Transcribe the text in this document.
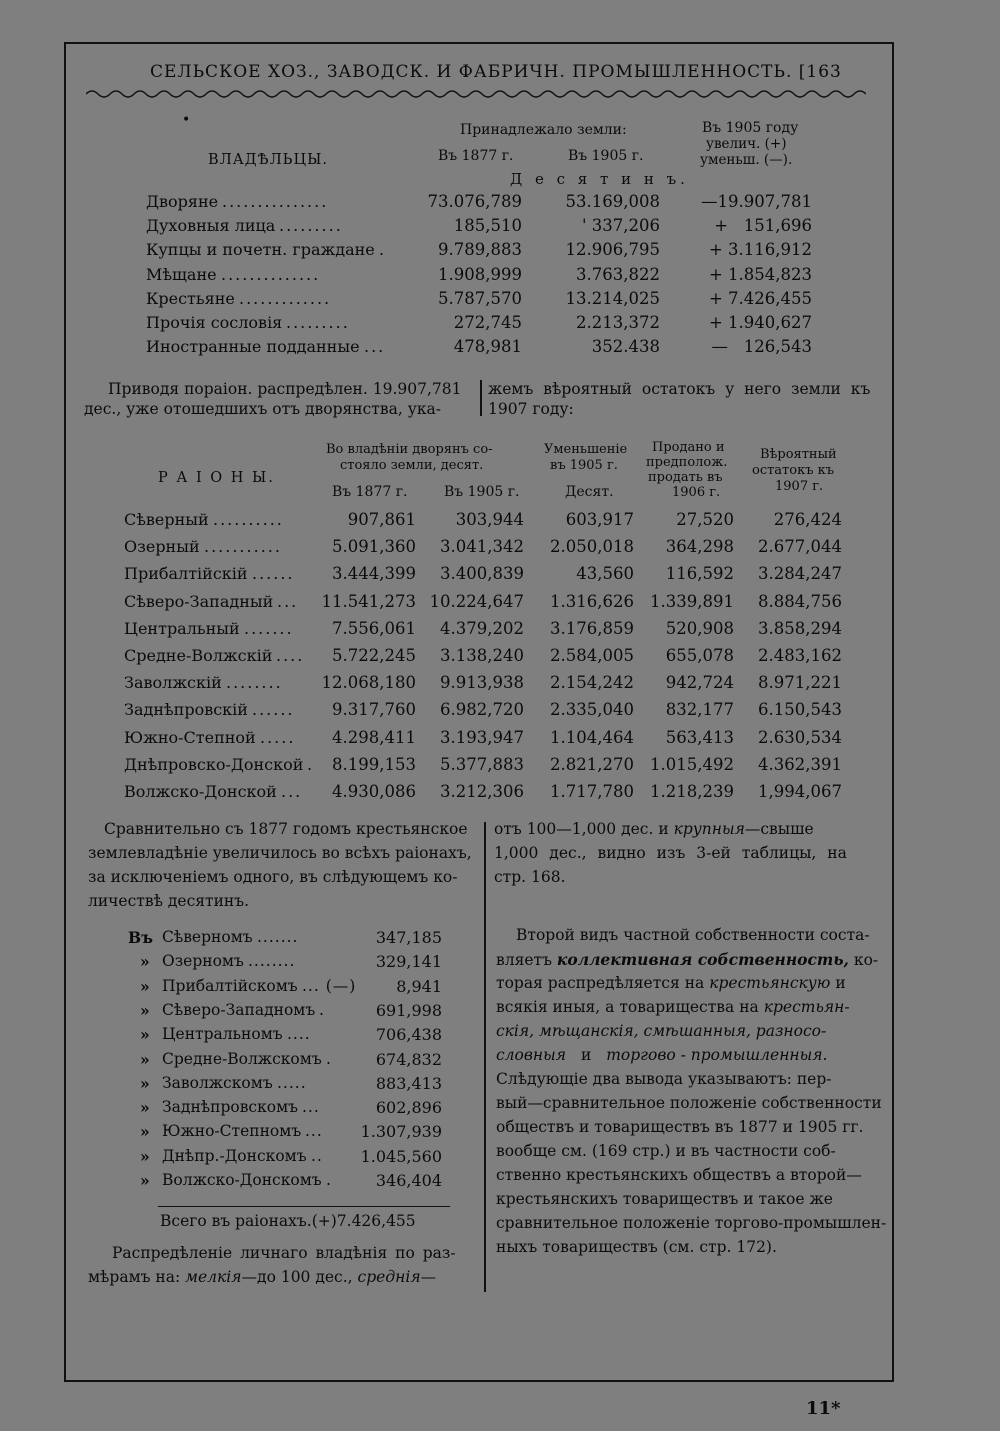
СЕЛЬСКОЕ ХОЗ., ЗАВОДСК. И ФАБРИЧН. ПРОМЫШЛЕННОСТЬ. [163
•
ВЛАДѢЛЬЦЫ.
Принадлежало земли:
Въ 1877 г.	Въ 1905 г.
Въ 1905 году
увелич. (+)
уменьш. (—).
Д е с я т и н ъ.
Дворяне ...............	73.076,789	53.169,008 —19.907,781
Духовныя лица .........	185,510	' 337,206	+   151,696
Купцы и почетн. граждане .	9.789,883	12.906,795	+ 3.116,912
Мѣщане ..............	1.908,999	3.763,822	+ 1.854,823
Крестьяне .............	5.787,570	13.214,025	+ 7.426,455
Прочія сословія .........	272,745	2.213,372	+ 1.940,627
Иностранные подданные ...	478,981	352.438	—   126,543
Приводя пораіон. распредѣлен. 19.907,781
дес., уже отошедшихъ отъ дворянства, ука-
жемъ вѣроятный остатокъ у него земли къ
1907 году:
Р А І О Н Ы.
Во владѣніи дворянъ со-
стояло земли, десят.
Въ 1877 г.	Въ 1905 г.
Уменьшеніе
въ 1905 г.
Десят.
Продано и
предполож.
продать въ
1906 г.
Вѣроятный
остатокъ къ
1907 г.
Сѣверный ..........	907,861 303,944	603,917	27,520 276,424
Озерный ...........	5.091,360 3.041,342 2.050,018 364,298 2.677,044
Прибалтійскій ...... 3.444,399 3.400,839	43,560 116,592 3.284,247
Сѣверо-Западный ... 11.541,273 10.224,647 1.316,626 1.339,891 8.884,756
Центральный ....... 7.556,061 4.379,202 3.176,859 520,908 3.858,294
Средне-Волжскій .... 5.722,245 3.138,240 2.584,005 655,078 2.483,162
Заволжскій ........ 12.068,180 9.913,938 2.154,242 942,724 8.971,221
Заднѣпровскій ...... 9.317,760 6.982,720 2.335,040 832,177 6.150,543
Южно-Степной ..... 4.298,411 3.193,947 1.104,464 563,413 2.630,534
Днѣпровско-Донской . 8.199,153 5.377,883 2.821,270 1.015,492 4.362,391
Волжско-Донской ... 4.930,086 3.212,306 1.717,780 1.218,239 1,994,067
Сравнительно съ 1877 годомъ крестьянское
землевладѣніе увеличилось во всѣхъ раіонахъ,
за исключеніемъ одного, въ слѣдующемъ ко-
личествѣ десятинъ.
Въ Сѣверномъ .......	347,185
» Озерномъ ........	329,141
» Прибалтійскомъ ... (—) 8,941
» Сѣверо-Западномъ .	691,998
» Центральномъ ....	706,438
» Средне-Волжскомъ .	674,832
» Заволжскомъ .....	883,413
» Заднѣпровскомъ ...	602,896
» Южно-Степномъ ... 1.307,939
» Днѣпр.-Донскомъ .. 1.045,560
» Волжско-Донскомъ .	346,404
Всего въ раіонахъ.(+)7.426,455
Распредѣленіе личнаго владѣнія по раз-
мѣрамъ на: мелкія—до 100 дес., среднія—
отъ 100—1,000 дес. и крупныя—свыше
1,000 дес., видно изъ 3-ей таблицы, на
стр. 168.
Второй видъ частной собственности соста-
вляетъ коллективная собственность, ко-
торая распредѣляется на крестьянскую и
всякія иныя, а товарищества на крестьян-
скія, мѣщанскія, смѣшанныя, разносо-
словныя и торгово - промышленныя.
Слѣдующіе два вывода указываютъ: пер-
вый—сравнительное положеніе собственности
обществъ и товариществъ въ 1877 и 1905 гг.
вообще см. (169 стр.) и въ частности соб-
ственно крестьянскихъ обществъ а второй—
крестьянскихъ товариществъ и такое же
сравнительное положеніе торгово-промышлен-
ныхъ товариществъ (см. стр. 172).
11*
